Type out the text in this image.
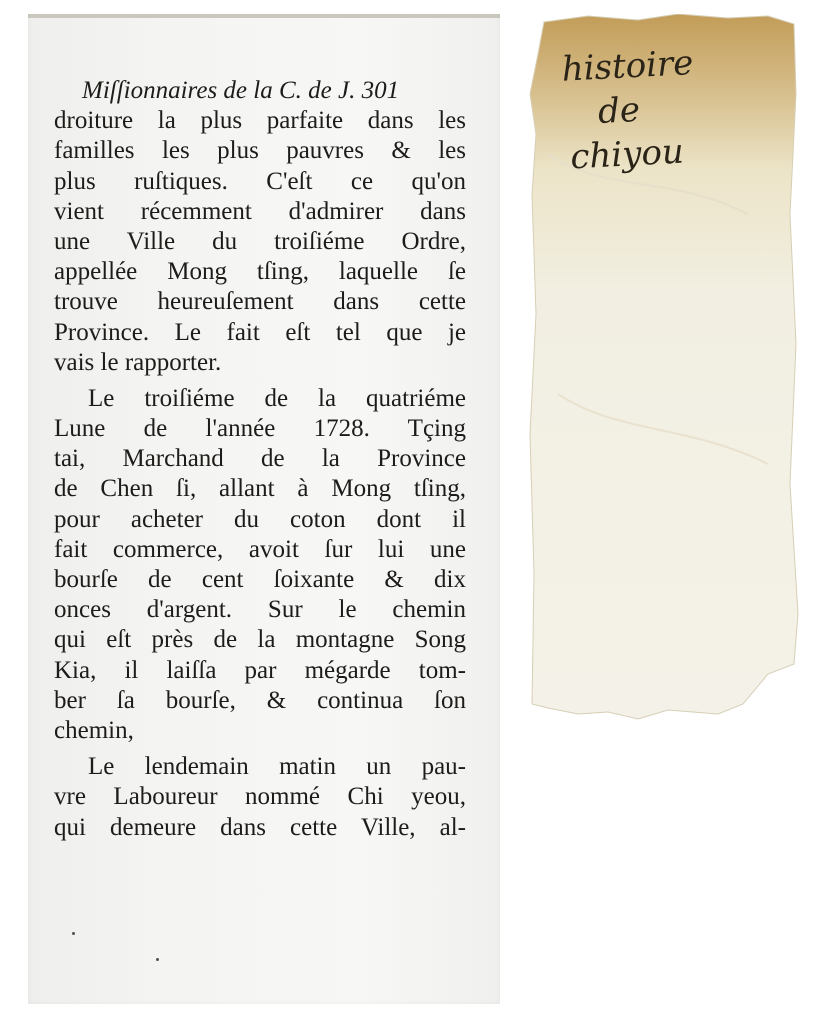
Miſſionnaires de la C. de J. 301
droiture la plus parfaite dans les
familles les plus pauvres & les
plus ruſtiques. C'eſt ce qu'on
vient récemment d'admirer dans
une Ville du troiſiéme Ordre,
appellée Mong tſing, laquelle ſe
trouve heureuſement dans cette
Province. Le fait eſt tel que je
vais le rapporter.
Le troiſiéme de la quatriéme
Lune de l'année 1728. Tçing
tai, Marchand de la Province
de Chen ſi, allant à Mong tſing,
pour acheter du coton dont il
fait commerce, avoit ſur lui une
bourſe de cent ſoixante & dix
onces d'argent. Sur le chemin
qui eſt près de la montagne Song
Kia, il laiſſa par mégarde tom-
ber ſa bourſe, & continua ſon
chemin,
Le lendemain matin un pau-
vre Laboureur nommé Chi yeou,
qui demeure dans cette Ville, al-
histoire
de
chiyou
